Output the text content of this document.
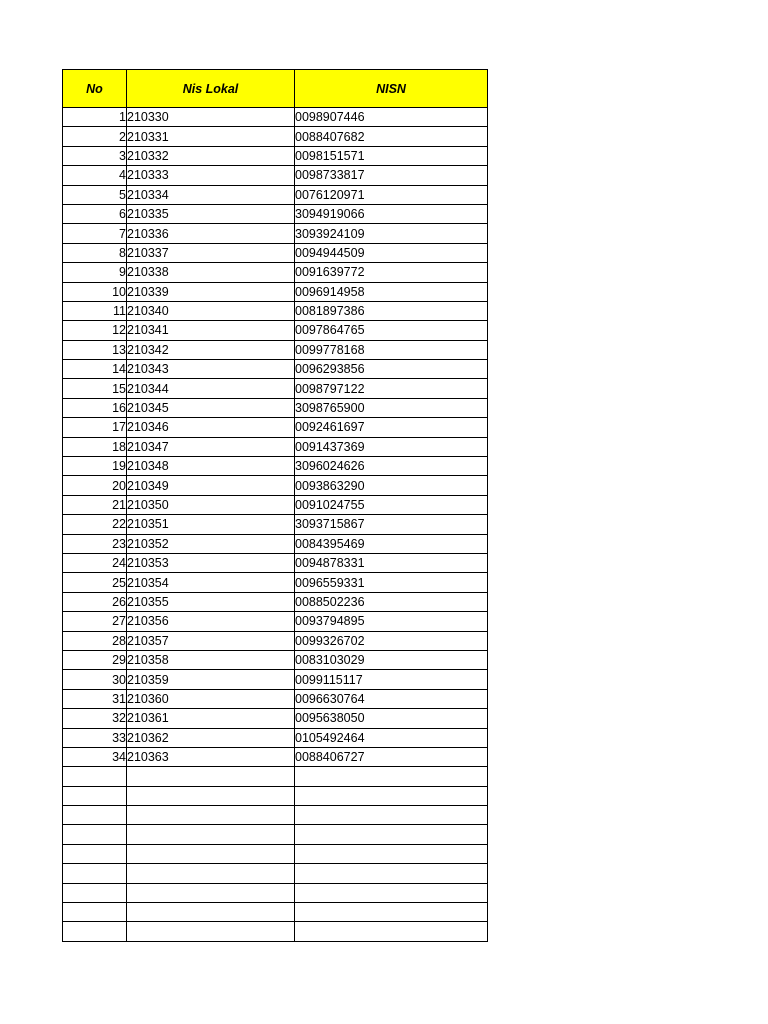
No	Nis Lokal	NISN
1	210330	0098907446
2	210331	0088407682
3	210332	0098151571
4	210333	0098733817
5	210334	0076120971
6	210335	3094919066
7	210336	3093924109
8	210337	0094944509
9	210338	0091639772
10	210339	0096914958
11	210340	0081897386
12	210341	0097864765
13	210342	0099778168
14	210343	0096293856
15	210344	0098797122
16	210345	3098765900
17	210346	0092461697
18	210347	0091437369
19	210348	3096024626
20	210349	0093863290
21	210350	0091024755
22	210351	3093715867
23	210352	0084395469
24	210353	0094878331
25	210354	0096559331
26	210355	0088502236
27	210356	0093794895
28	210357	0099326702
29	210358	0083103029
30	210359	0099115117
31	210360	0096630764
32	210361	0095638050
33	210362	0105492464
34	210363	0088406727
